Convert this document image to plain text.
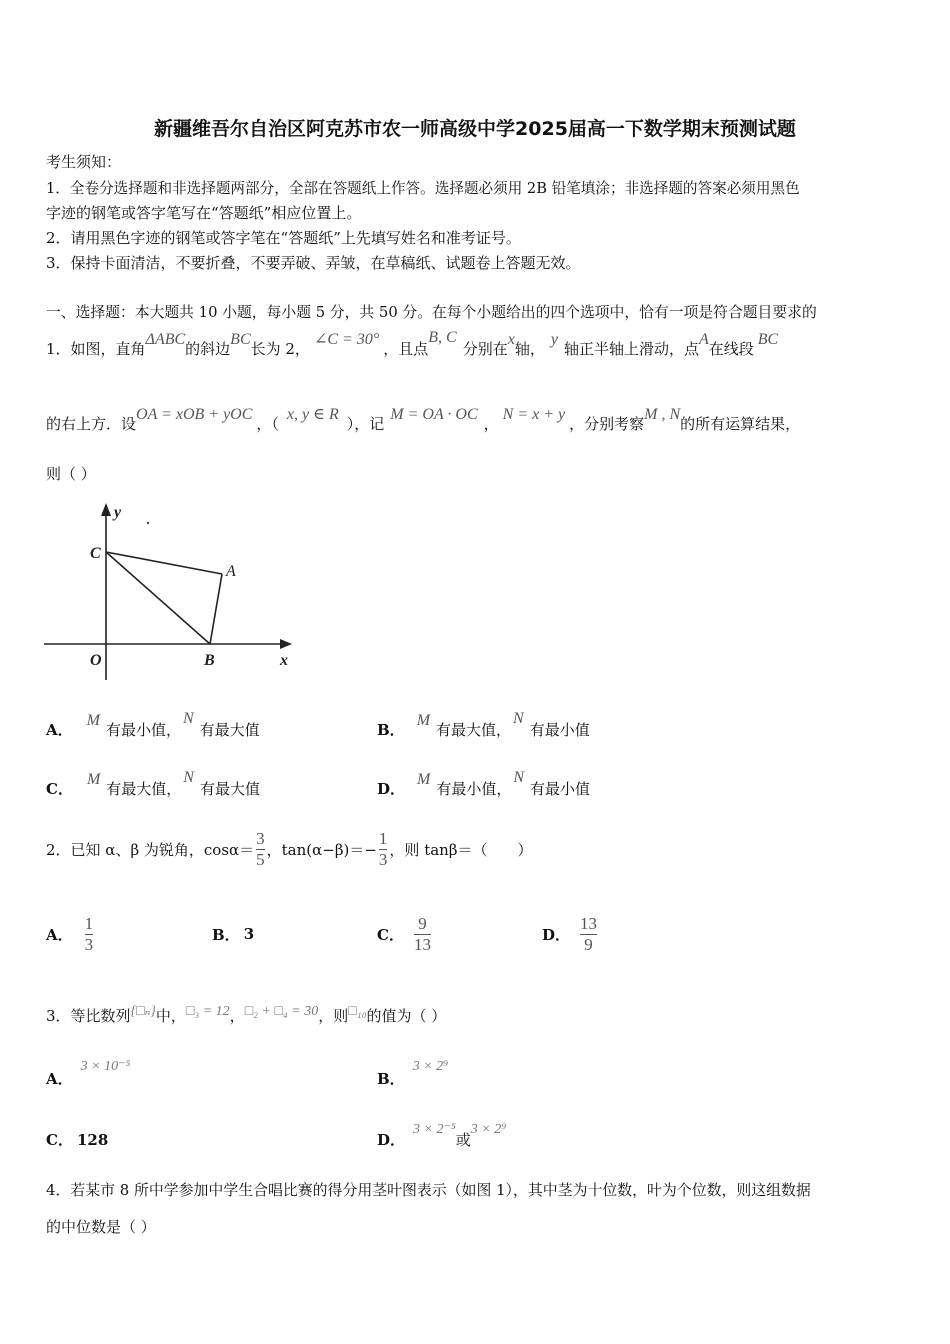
新疆维吾尔自治区阿克苏市农一师高级中学2025届高一下数学期末预测试题
考生须知：
1．全卷分选择题和非选择题两部分，全部在答题纸上作答。选择题必须用 2B 铅笔填涂；非选择题的答案必须用黑色
字迹的钢笔或答字笔写在“答题纸”相应位置上。
2．请用黑色字迹的钢笔或答字笔在“答题纸”上先填写姓名和准考证号。
3．保持卡面清洁，不要折叠，不要弄破、弄皱，在草稿纸、试题卷上答题无效。
一、选择题：本大题共 10 小题，每小题 5 分，共 50 分。在每个小题给出的四个选项中，恰有一项是符合题目要求的
1．如图，直角ΔABC的斜边BC长为 2，∠C = 30°，且点B, C分别在x轴，y轴正半轴上滑动，点A在线段BC
的右上方．设OA = xOB + yOC，（x, y ∈ R），记M = OA · OC，N = x + y，分别考察M , N的所有运算结果，
则（ ）
y
x
C
A
O	B
A．M有最小值，N有最大值	B．M有最大值，N有最小值
C．M有最大值，N有最大值	D．M有最小值，N有最小值
2．已知 α、β 为锐角，$\cos\alpha= \frac{3}{5}$ ，$\tan(\alpha-\beta)=- \frac{1}{3}$ ，则 tanβ＝（　　）
A． $\frac{1}{3}$	B． 3	C． $\frac{9}{13}$	D． $\frac{13}{9}$
3．等比数列{□ₙ}中，□₃ = 12，□₂ + □₄ = 30，则□₁₀的值为（ ）
A．3 × 10⁻⁵
B．3 × 2⁹
C． 128	D．3 × 2⁻⁵或3 × 2⁹
4．若某市 8 所中学参加中学生合唱比赛的得分用茎叶图表示（如图 1），其中茎为十位数，叶为个位数，则这组数据
的中位数是（ ）
